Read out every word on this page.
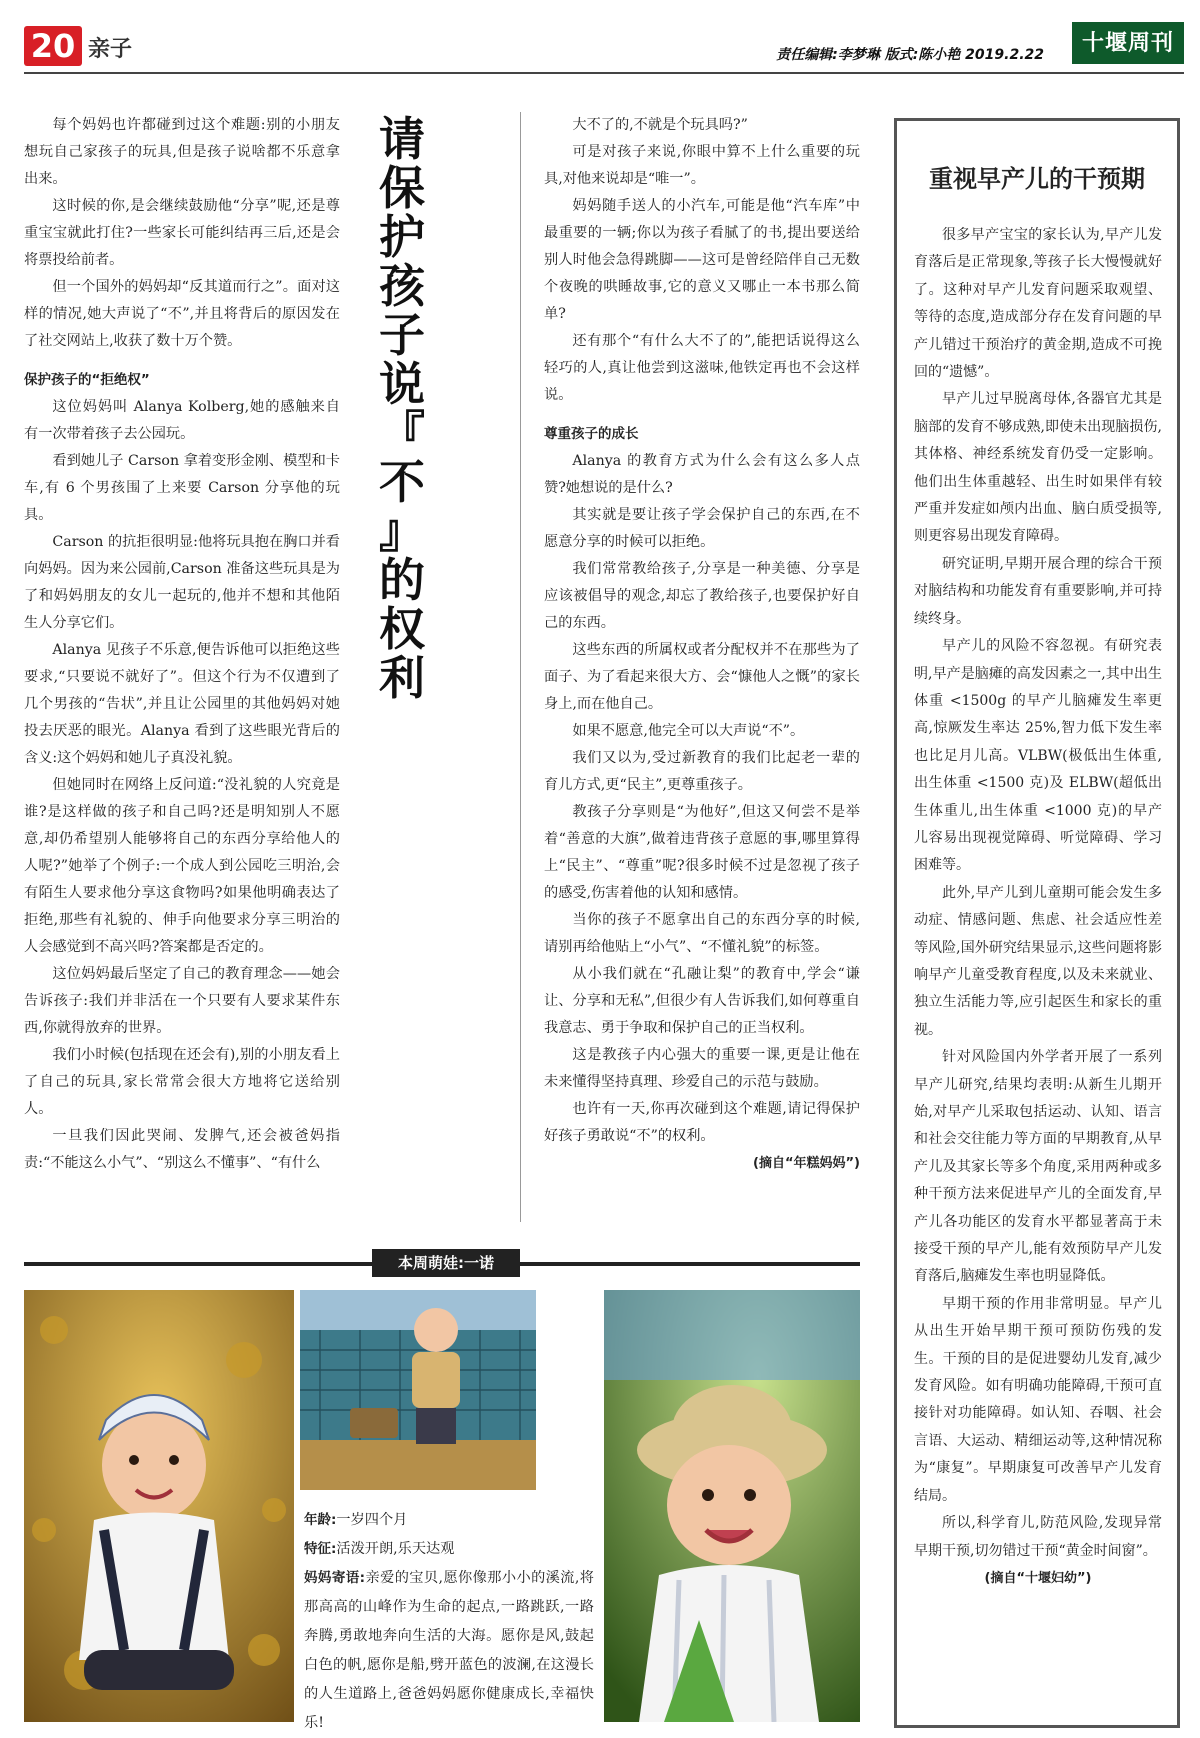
20 亲子	责任编辑:李梦琳 版式:陈小艳 2019.2.22	十堰周刊

每个妈妈也许都碰到过这个难题:别的小朋友想玩自己家孩子的玩具,但是孩子说啥都不乐意拿出来。

这时候的你,是会继续鼓励他“分享”呢,还是尊重宝宝就此打住?一些家长可能纠结再三后,还是会将票投给前者。

但一个国外的妈妈却“反其道而行之”。面对这样的情况,她大声说了“不”,并且将背后的原因发在了社交网站上,收获了数十万个赞。

保护孩子的“拒绝权”

这位妈妈叫 Alanya Kolberg,她的感触来自有一次带着孩子去公园玩。

看到她儿子 Carson 拿着变形金刚、模型和卡车,有 6 个男孩围了上来要 Carson 分享他的玩具。

Carson 的抗拒很明显:他将玩具抱在胸口并看向妈妈。因为来公园前,Carson 准备这些玩具是为了和妈妈朋友的女儿一起玩的,他并不想和其他陌生人分享它们。

Alanya 见孩子不乐意,便告诉他可以拒绝这些要求,“只要说不就好了”。但这个行为不仅遭到了几个男孩的“告状”,并且让公园里的其他妈妈对她投去厌恶的眼光。Alanya 看到了这些眼光背后的含义:这个妈妈和她儿子真没礼貌。

但她同时在网络上反问道:“没礼貌的人究竟是谁?是这样做的孩子和自己吗?还是明知别人不愿意,却仍希望别人能够将自己的东西分享给他人的人呢?”她举了个例子:一个成人到公园吃三明治,会有陌生人要求他分享这食物吗?如果他明确表达了拒绝,那些有礼貌的、伸手向他要求分享三明治的人会感觉到不高兴吗?答案都是否定的。

这位妈妈最后坚定了自己的教育理念——她会告诉孩子:我们并非活在一个只要有人要求某件东西,你就得放弃的世界。

我们小时候(包括现在还会有),别的小朋友看上了自己的玩具,家长常常会很大方地将它送给别人。

一旦我们因此哭闹、发脾气,还会被爸妈指责:“不能这么小气”、“别这么不懂事”、“有什么

请
保
护
孩
子
说
『
不
』
的
权
利

大不了的,不就是个玩具吗?”

可是对孩子来说,你眼中算不上什么重要的玩具,对他来说却是“唯一”。

妈妈随手送人的小汽车,可能是他“汽车库”中最重要的一辆;你以为孩子看腻了的书,提出要送给别人时他会急得跳脚——这可是曾经陪伴自己无数个夜晚的哄睡故事,它的意义又哪止一本书那么简单?

还有那个“有什么大不了的”,能把话说得这么轻巧的人,真让他尝到这滋味,他铁定再也不会这样说。

尊重孩子的成长

Alanya 的教育方式为什么会有这么多人点赞?她想说的是什么?

其实就是要让孩子学会保护自己的东西,在不愿意分享的时候可以拒绝。

我们常常教给孩子,分享是一种美德、分享是应该被倡导的观念,却忘了教给孩子,也要保护好自己的东西。

这些东西的所属权或者分配权并不在那些为了面子、为了看起来很大方、会“慷他人之慨”的家长身上,而在他自己。

如果不愿意,他完全可以大声说“不”。

我们又以为,受过新教育的我们比起老一辈的育儿方式,更“民主”,更尊重孩子。

教孩子分享则是“为他好”,但这又何尝不是举着“善意的大旗”,做着违背孩子意愿的事,哪里算得上“民主”、“尊重”呢?很多时候不过是忽视了孩子的感受,伤害着他的认知和感情。

当你的孩子不愿拿出自己的东西分享的时候,请别再给他贴上“小气”、“不懂礼貌”的标签。

从小我们就在“孔融让梨”的教育中,学会“谦让、分享和无私”,但很少有人告诉我们,如何尊重自我意志、勇于争取和保护自己的正当权利。

这是教孩子内心强大的重要一课,更是让他在未来懂得坚持真理、珍爱自己的示范与鼓励。

也许有一天,你再次碰到这个难题,请记得保护好孩子勇敢说“不”的权利。

(摘自“年糕妈妈”)

重视早产儿的干预期

很多早产宝宝的家长认为,早产儿发育落后是正常现象,等孩子长大慢慢就好了。这种对早产儿发育问题采取观望、等待的态度,造成部分存在发育问题的早产儿错过干预治疗的黄金期,造成不可挽回的“遗憾”。

早产儿过早脱离母体,各器官尤其是脑部的发育不够成熟,即使未出现脑损伤,其体格、神经系统发育仍受一定影响。他们出生体重越轻、出生时如果伴有较严重并发症如颅内出血、脑白质受损等,则更容易出现发育障碍。

研究证明,早期开展合理的综合干预对脑结构和功能发育有重要影响,并可持续终身。

早产儿的风险不容忽视。有研究表明,早产是脑瘫的高发因素之一,其中出生体重 <1500g 的早产儿脑瘫发生率更高,惊厥发生率达 25%,智力低下发生率也比足月儿高。VLBW(极低出生体重,出生体重 <1500 克)及 ELBW(超低出生体重儿,出生体重 <1000 克)的早产儿容易出现视觉障碍、听觉障碍、学习困难等。

此外,早产儿到儿童期可能会发生多动症、情感问题、焦虑、社会适应性差等风险,国外研究结果显示,这些问题将影响早产儿童受教育程度,以及未来就业、独立生活能力等,应引起医生和家长的重视。

针对风险国内外学者开展了一系列早产儿研究,结果均表明:从新生儿期开始,对早产儿采取包括运动、认知、语言和社会交往能力等方面的早期教育,从早产儿及其家长等多个角度,采用两种或多种干预方法来促进早产儿的全面发育,早产儿各功能区的发育水平都显著高于未接受干预的早产儿,能有效预防早产儿发育落后,脑瘫发生率也明显降低。

早期干预的作用非常明显。早产儿从出生开始早期干预可预防伤残的发生。干预的目的是促进婴幼儿发育,减少发育风险。如有明确功能障碍,干预可直接针对功能障碍。如认知、吞咽、社会言语、大运动、精细运动等,这种情况称为“康复”。早期康复可改善早产儿发育结局。

所以,科学育儿,防范风险,发现异常早期干预,切勿错过干预“黄金时间窗”。

(摘自“十堰妇幼”)

本周萌娃:一诺

年龄:一岁四个月

特征:活泼开朗,乐天达观

妈妈寄语:亲爱的宝贝,愿你像那小小的溪流,将那高高的山峰作为生命的起点,一路跳跃,一路奔腾,勇敢地奔向生活的大海。愿你是风,鼓起白色的帆,愿你是船,劈开蓝色的波澜,在这漫长的人生道路上,爸爸妈妈愿你健康成长,幸福快乐!
